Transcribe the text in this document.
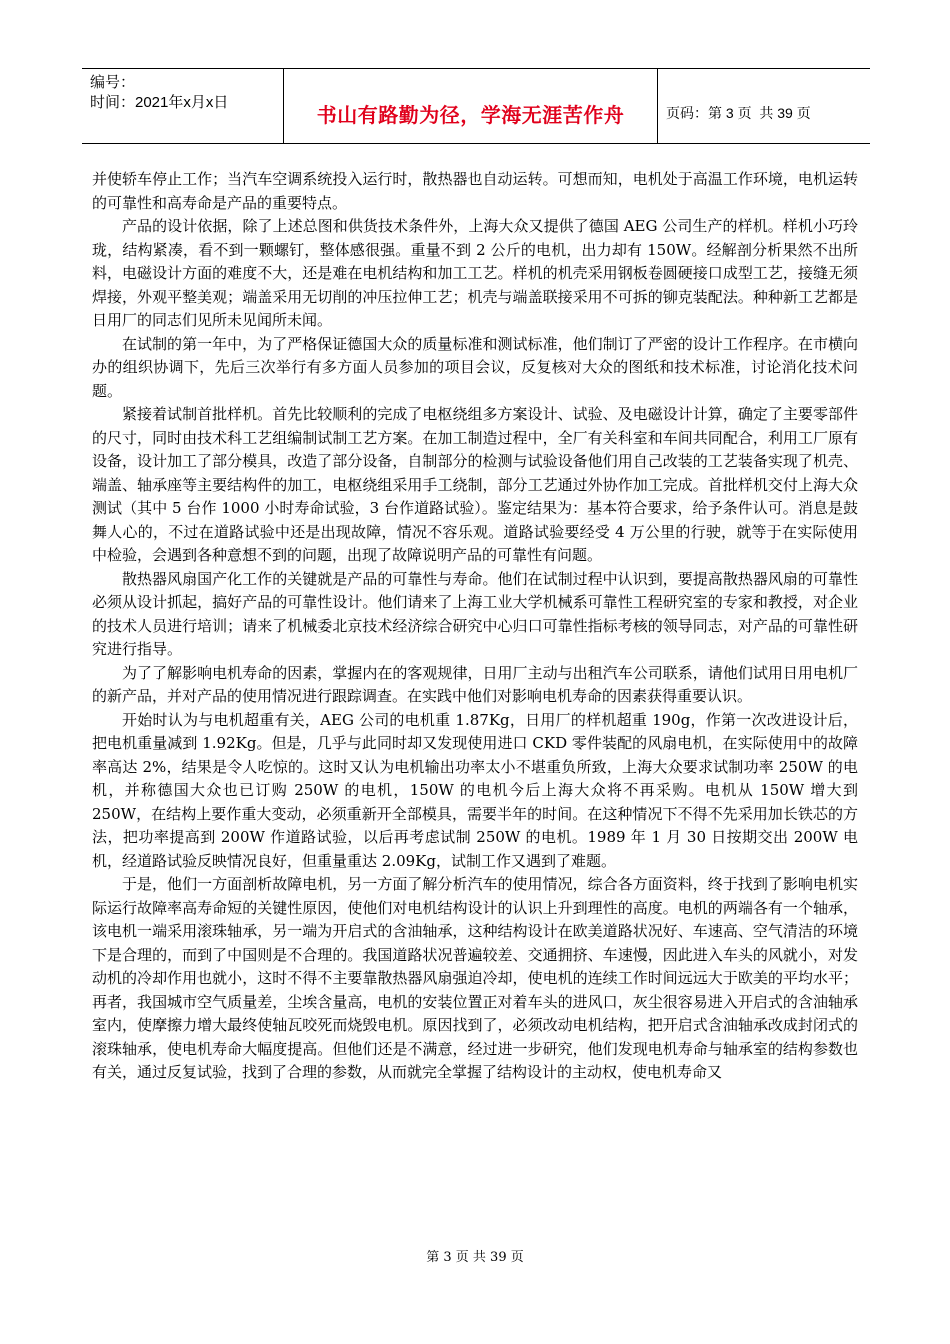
编号：
时间：2021年x月x日	书山有路勤为径，学海无涯苦作舟	页码：第 3 页  共 39 页

并使轿车停止工作；当汽车空调系统投入运行时，散热器也自动运转。可想而知，电机处于高温工作环境，电机运转的可靠性和高寿命是产品的重要特点。

产品的设计依据，除了上述总图和供货技术条件外，上海大众又提供了德国 AEG 公司生产的样机。样机小巧玲珑，结构紧凑，看不到一颗螺钉，整体感很强。重量不到 2 公斤的电机，出力却有 150W。经解剖分析果然不出所料，电磁设计方面的难度不大，还是难在电机结构和加工工艺。样机的机壳采用钢板卷圆硬接口成型工艺，接缝无须焊接，外观平整美观；端盖采用无切削的冲压拉伸工艺；机壳与端盖联接采用不可拆的铆克装配法。种种新工艺都是日用厂的同志们见所未见闻所未闻。

在试制的第一年中，为了严格保证德国大众的质量标准和测试标准，他们制订了严密的设计工作程序。在市横向办的组织协调下，先后三次举行有多方面人员参加的项目会议，反复核对大众的图纸和技术标准，讨论消化技术问题。

紧接着试制首批样机。首先比较顺利的完成了电枢绕组多方案设计、试验、及电磁设计计算，确定了主要零部件的尺寸，同时由技术科工艺组编制试制工艺方案。在加工制造过程中，全厂有关科室和车间共同配合，利用工厂原有设备，设计加工了部分模具，改造了部分设备，自制部分的检测与试验设备他们用自己改装的工艺装备实现了机壳、端盖、轴承座等主要结构件的加工，电枢绕组采用手工绕制，部分工艺通过外协作加工完成。首批样机交付上海大众测试（其中 5 台作 1000 小时寿命试验，3 台作道路试验）。鉴定结果为：基本符合要求，给予条件认可。消息是鼓舞人心的，不过在道路试验中还是出现故障，情况不容乐观。道路试验要经受 4 万公里的行驶，就等于在实际使用中检验，会遇到各种意想不到的问题，出现了故障说明产品的可靠性有问题。

散热器风扇国产化工作的关键就是产品的可靠性与寿命。他们在试制过程中认识到，要提高散热器风扇的可靠性必须从设计抓起，搞好产品的可靠性设计。他们请来了上海工业大学机械系可靠性工程研究室的专家和教授，对企业的技术人员进行培训；请来了机械委北京技术经济综合研究中心归口可靠性指标考核的领导同志，对产品的可靠性研究进行指导。

为了了解影响电机寿命的因素，掌握内在的客观规律，日用厂主动与出租汽车公司联系，请他们试用日用电机厂的新产品，并对产品的使用情况进行跟踪调查。在实践中他们对影响电机寿命的因素获得重要认识。

开始时认为与电机超重有关，AEG 公司的电机重 1.87Kg，日用厂的样机超重 190g，作第一次改进设计后，把电机重量减到 1.92Kg。但是，几乎与此同时却又发现使用进口 CKD 零件装配的风扇电机，在实际使用中的故障率高达 2%，结果是令人吃惊的。这时又认为电机输出功率太小不堪重负所致，上海大众要求试制功率 250W 的电机，并称德国大众也已订购 250W 的电机，150W 的电机今后上海大众将不再采购。电机从 150W 增大到 250W，在结构上要作重大变动，必须重新开全部模具，需要半年的时间。在这种情况下不得不先采用加长铁芯的方法，把功率提高到 200W 作道路试验，以后再考虑试制 250W 的电机。1989 年 1 月 30 日按期交出 200W 电机，经道路试验反映情况良好，但重量重达 2.09Kg，试制工作又遇到了难题。

于是，他们一方面剖析故障电机，另一方面了解分析汽车的使用情况，综合各方面资料，终于找到了影响电机实际运行故障率高寿命短的关键性原因，使他们对电机结构设计的认识上升到理性的高度。电机的两端各有一个轴承，该电机一端采用滚珠轴承，另一端为开启式的含油轴承，这种结构设计在欧美道路状况好、车速高、空气清洁的环境下是合理的，而到了中国则是不合理的。我国道路状况普遍较差、交通拥挤、车速慢，因此进入车头的风就小，对发动机的冷却作用也就小，这时不得不主要靠散热器风扇强迫冷却，使电机的连续工作时间远远大于欧美的平均水平；再者，我国城市空气质量差，尘埃含量高，电机的安装位置正对着车头的进风口，灰尘很容易进入开启式的含油轴承室内，使摩擦力增大最终使轴瓦咬死而烧毁电机。原因找到了，必须改动电机结构，把开启式含油轴承改成封闭式的滚珠轴承，使电机寿命大幅度提高。但他们还是不满意，经过进一步研究，他们发现电机寿命与轴承室的结构参数也有关，通过反复试验，找到了合理的参数，从而就完全掌握了结构设计的主动权，使电机寿命又

第 3 页 共 39 页
